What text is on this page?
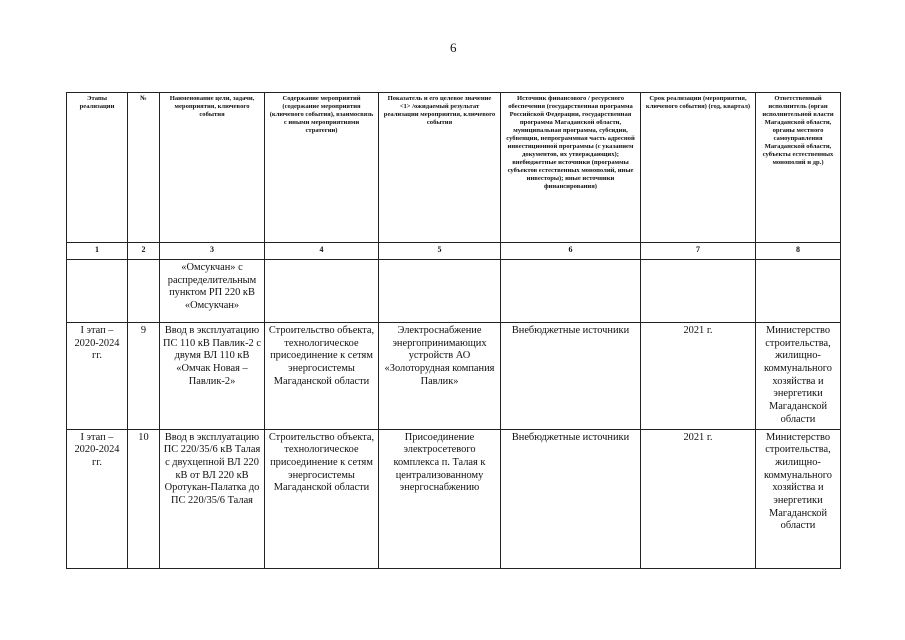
6
Этапы реализации	№	Наименование цели, задачи, мероприятия, ключевого события	Содержание мероприятий (содержание мероприятия (ключевого события), взаимосвязь с иными мероприятиями стратегии)	Показатель и его целевое значение <1> /ожидаемый результат реализации мероприятия, ключевого события	Источник финансового / ресурсного обеспечения (государственная программа Российской Федерации, государственная программа Магаданской области, муниципальная программа, субсидии, субвенции, непрограммная часть адресной инвестиционной программы (с указанием документов, их утверждающих); внебюджетные источники (программы субъектов естественных монополий, иные инвесторы); иные источники финансирования)	Срок реализации (мероприятия, ключевого события) (год, квартал)	Ответственный исполнитель (орган исполнительной власти Магаданской области, органы местного самоуправления Магаданской области, субъекты естественных монополий и др.)
1	2	3	4	5	6	7	8
		«Омсукчан» с распределительным пунктом РП 220 кВ «Омсукчан»					
I этап – 2020-2024 гг.	9	Ввод в эксплуатацию ПС 110 кВ Павлик-2 с двумя ВЛ 110 кВ «Омчак Новая – Павлик-2»	Строительство объекта, технологическое присоединение к сетям энергосистемы Магаданской области	Электроснабжение энергопринимающих устройств АО «Золоторудная компания Павлик»	Внебюджетные источники	2021 г.	Министерство строительства, жилищно-коммунального хозяйства и энергетики Магаданской области
I этап – 2020-2024 гг.	10	Ввод в эксплуатацию ПС 220/35/6 кВ Талая с двухцепной ВЛ 220 кВ от ВЛ 220 кВ Оротукан-Палатка до ПС 220/35/6 Талая	Строительство объекта, технологическое присоединение к сетям энергосистемы Магаданской области	Присоединение электросетевого комплекса п. Талая к централизованному энергоснабжению	Внебюджетные источники	2021 г.	Министерство строительства, жилищно-коммунального хозяйства и энергетики Магаданской области
